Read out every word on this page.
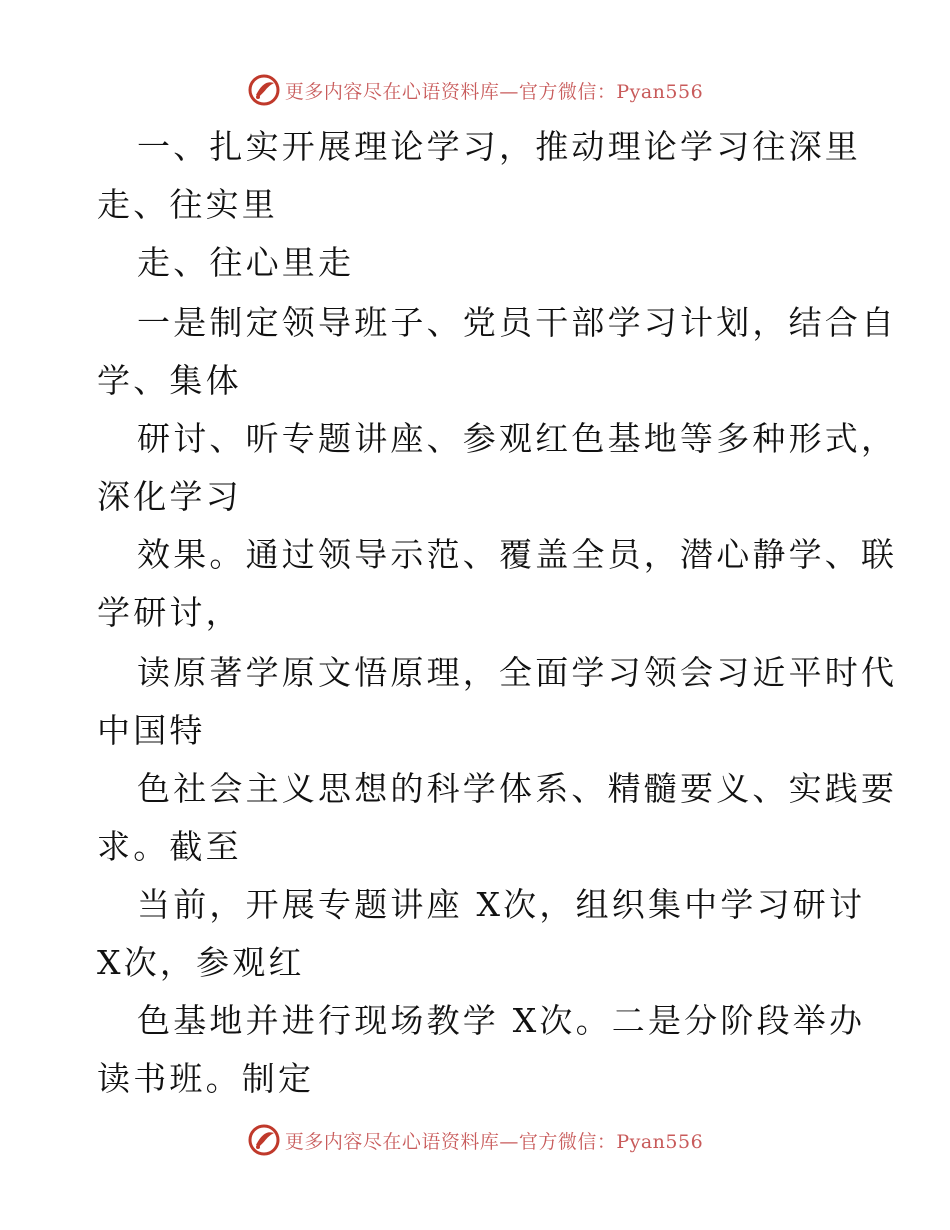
更多内容尽在心语资料库—官方微信：Pyan556
一、扎实开展理论学习，推动理论学习往深里
走、往实里
走、往心里走
一是制定领导班子、党员干部学习计划，结合自
学、集体
研讨、听专题讲座、参观红色基地等多种形式，
深化学习
效果。通过领导示范、覆盖全员，潜心静学、联
学研讨，
读原著学原文悟原理，全面学习领会习近平时代
中国特
色社会主义思想的科学体系、精髓要义、实践要
求。截至
当前，开展专题讲座 X次，组织集中学习研讨
X次，参观红
色基地并进行现场教学 X次。二是分阶段举办
读书班。制定
更多内容尽在心语资料库—官方微信：Pyan556
